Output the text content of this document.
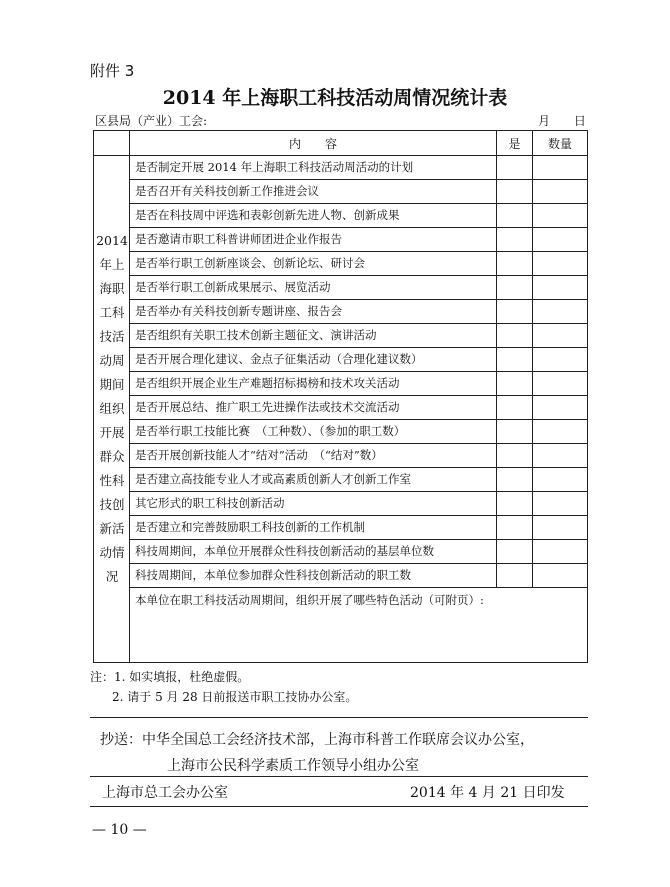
附件 3
2014 年上海职工科技活动周情况统计表
区县局（产业）工会:	月 日
	内　　容	是	数量
2014年上海职工科技活动周期间组织开展群众性科技创新活动情况	是否制定开展 2014 年上海职工科技活动周活动的计划		
	是否召开有关科技创新工作推进会议		
	是否在科技周中评选和表彰创新先进人物、创新成果		
	是否邀请市职工科普讲师团进企业作报告		
	是否举行职工创新座谈会、创新论坛、研讨会		
	是否举行职工创新成果展示、展览活动		
	是否举办有关科技创新专题讲座、报告会		
	是否组织有关职工技术创新主题征文、演讲活动		
	是否开展合理化建议、金点子征集活动（合理化建议数）		
	是否组织开展企业生产难题招标揭榜和技术攻关活动		
	是否开展总结、推广职工先进操作法或技术交流活动		
	是否举行职工技能比赛　（工种数）、（参加的职工数）		
	是否开展创新技能人才“结对”活动　（“结对”数）		
	是否建立高技能专业人才或高素质创新人才创新工作室		
	其它形式的职工科技创新活动		
	是否建立和完善鼓励职工科技创新的工作机制		
	科技周期间，本单位开展群众性科技创新活动的基层单位数		
	科技周期间，本单位参加群众性科技创新活动的职工数		
	本单位在职工科技活动周期间，组织开展了哪些特色活动（可附页）:		
注：1. 如实填报，杜绝虚假。
2. 请于 5 月 28 日前报送市职工技协办公室。
抄送：中华全国总工会经济技术部，上海市科普工作联席会议办公室，
上海市公民科学素质工作领导小组办公室
上海市总工会办公室	2014 年 4 月 21 日印发
— 10 —
